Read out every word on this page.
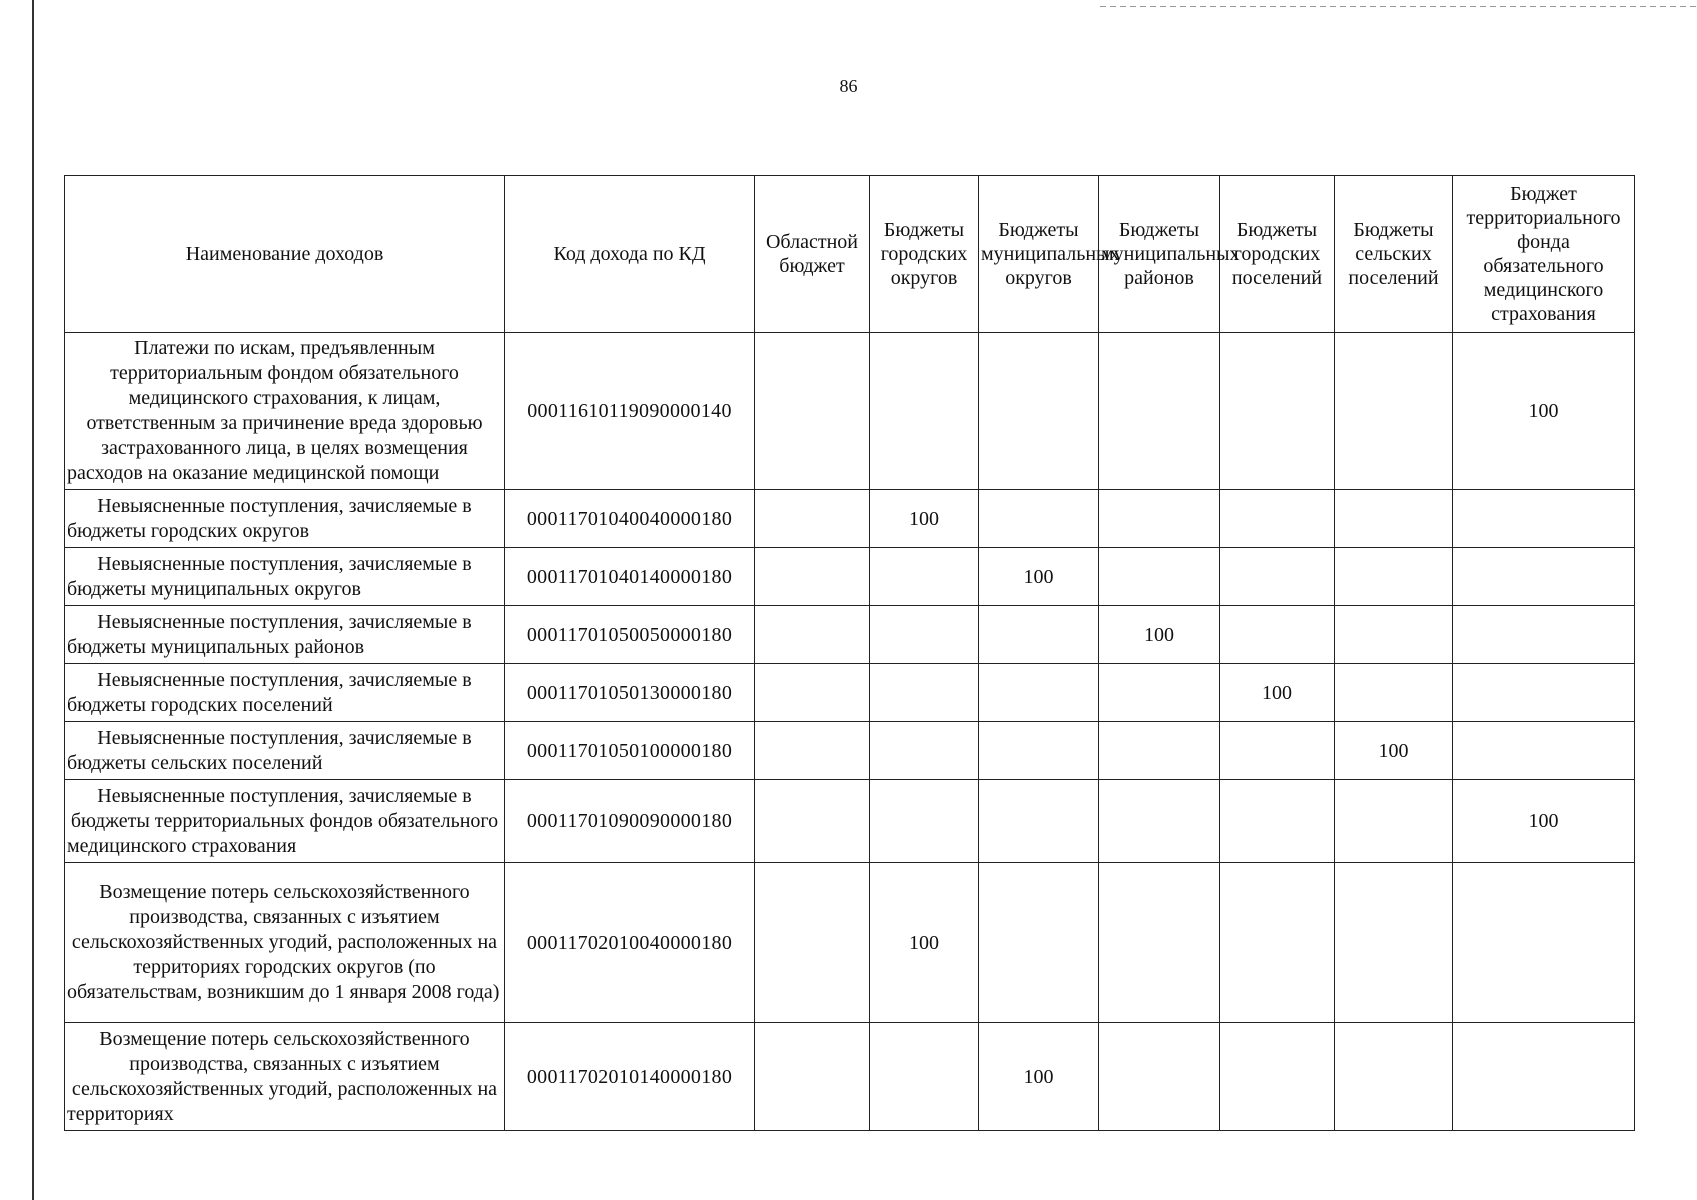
86
Наименование доходов	Код дохода по КД	Областной бюджет	Бюджеты городских округов	Бюджеты муниципальных округов	Бюджеты муниципальных районов	Бюджеты городских поселений	Бюджеты сельских поселений	Бюджет территориального фонда обязательного медицинского страхования
Платежи по искам, предъявленным территориальным фондом обязательного медицинского страхования, к лицам, ответственным за причинение вреда здоровью застрахованного лица, в целях возмещения расходов на оказание медицинской помощи	00011610119090000140							100
Невыясненные поступления, зачисляемые в бюджеты городских округов	00011701040040000180		100					
Невыясненные поступления, зачисляемые в бюджеты муниципальных округов	00011701040140000180			100				
Невыясненные поступления, зачисляемые в бюджеты муниципальных районов	00011701050050000180				100			
Невыясненные поступления, зачисляемые в бюджеты городских поселений	00011701050130000180					100		
Невыясненные поступления, зачисляемые в бюджеты сельских поселений	00011701050100000180						100	
Невыясненные поступления, зачисляемые в бюджеты территориальных фондов обязательного медицинского страхования	00011701090090000180							100
Возмещение потерь сельскохозяйственного производства, связанных с изъятием сельскохозяйственных угодий, расположенных на территориях городских округов (по обязательствам, возникшим до 1 января 2008 года)	00011702010040000180		100					
Возмещение потерь сельскохозяйственного производства, связанных с изъятием сельскохозяйственных угодий, расположенных на территориях	00011702010140000180			100				
